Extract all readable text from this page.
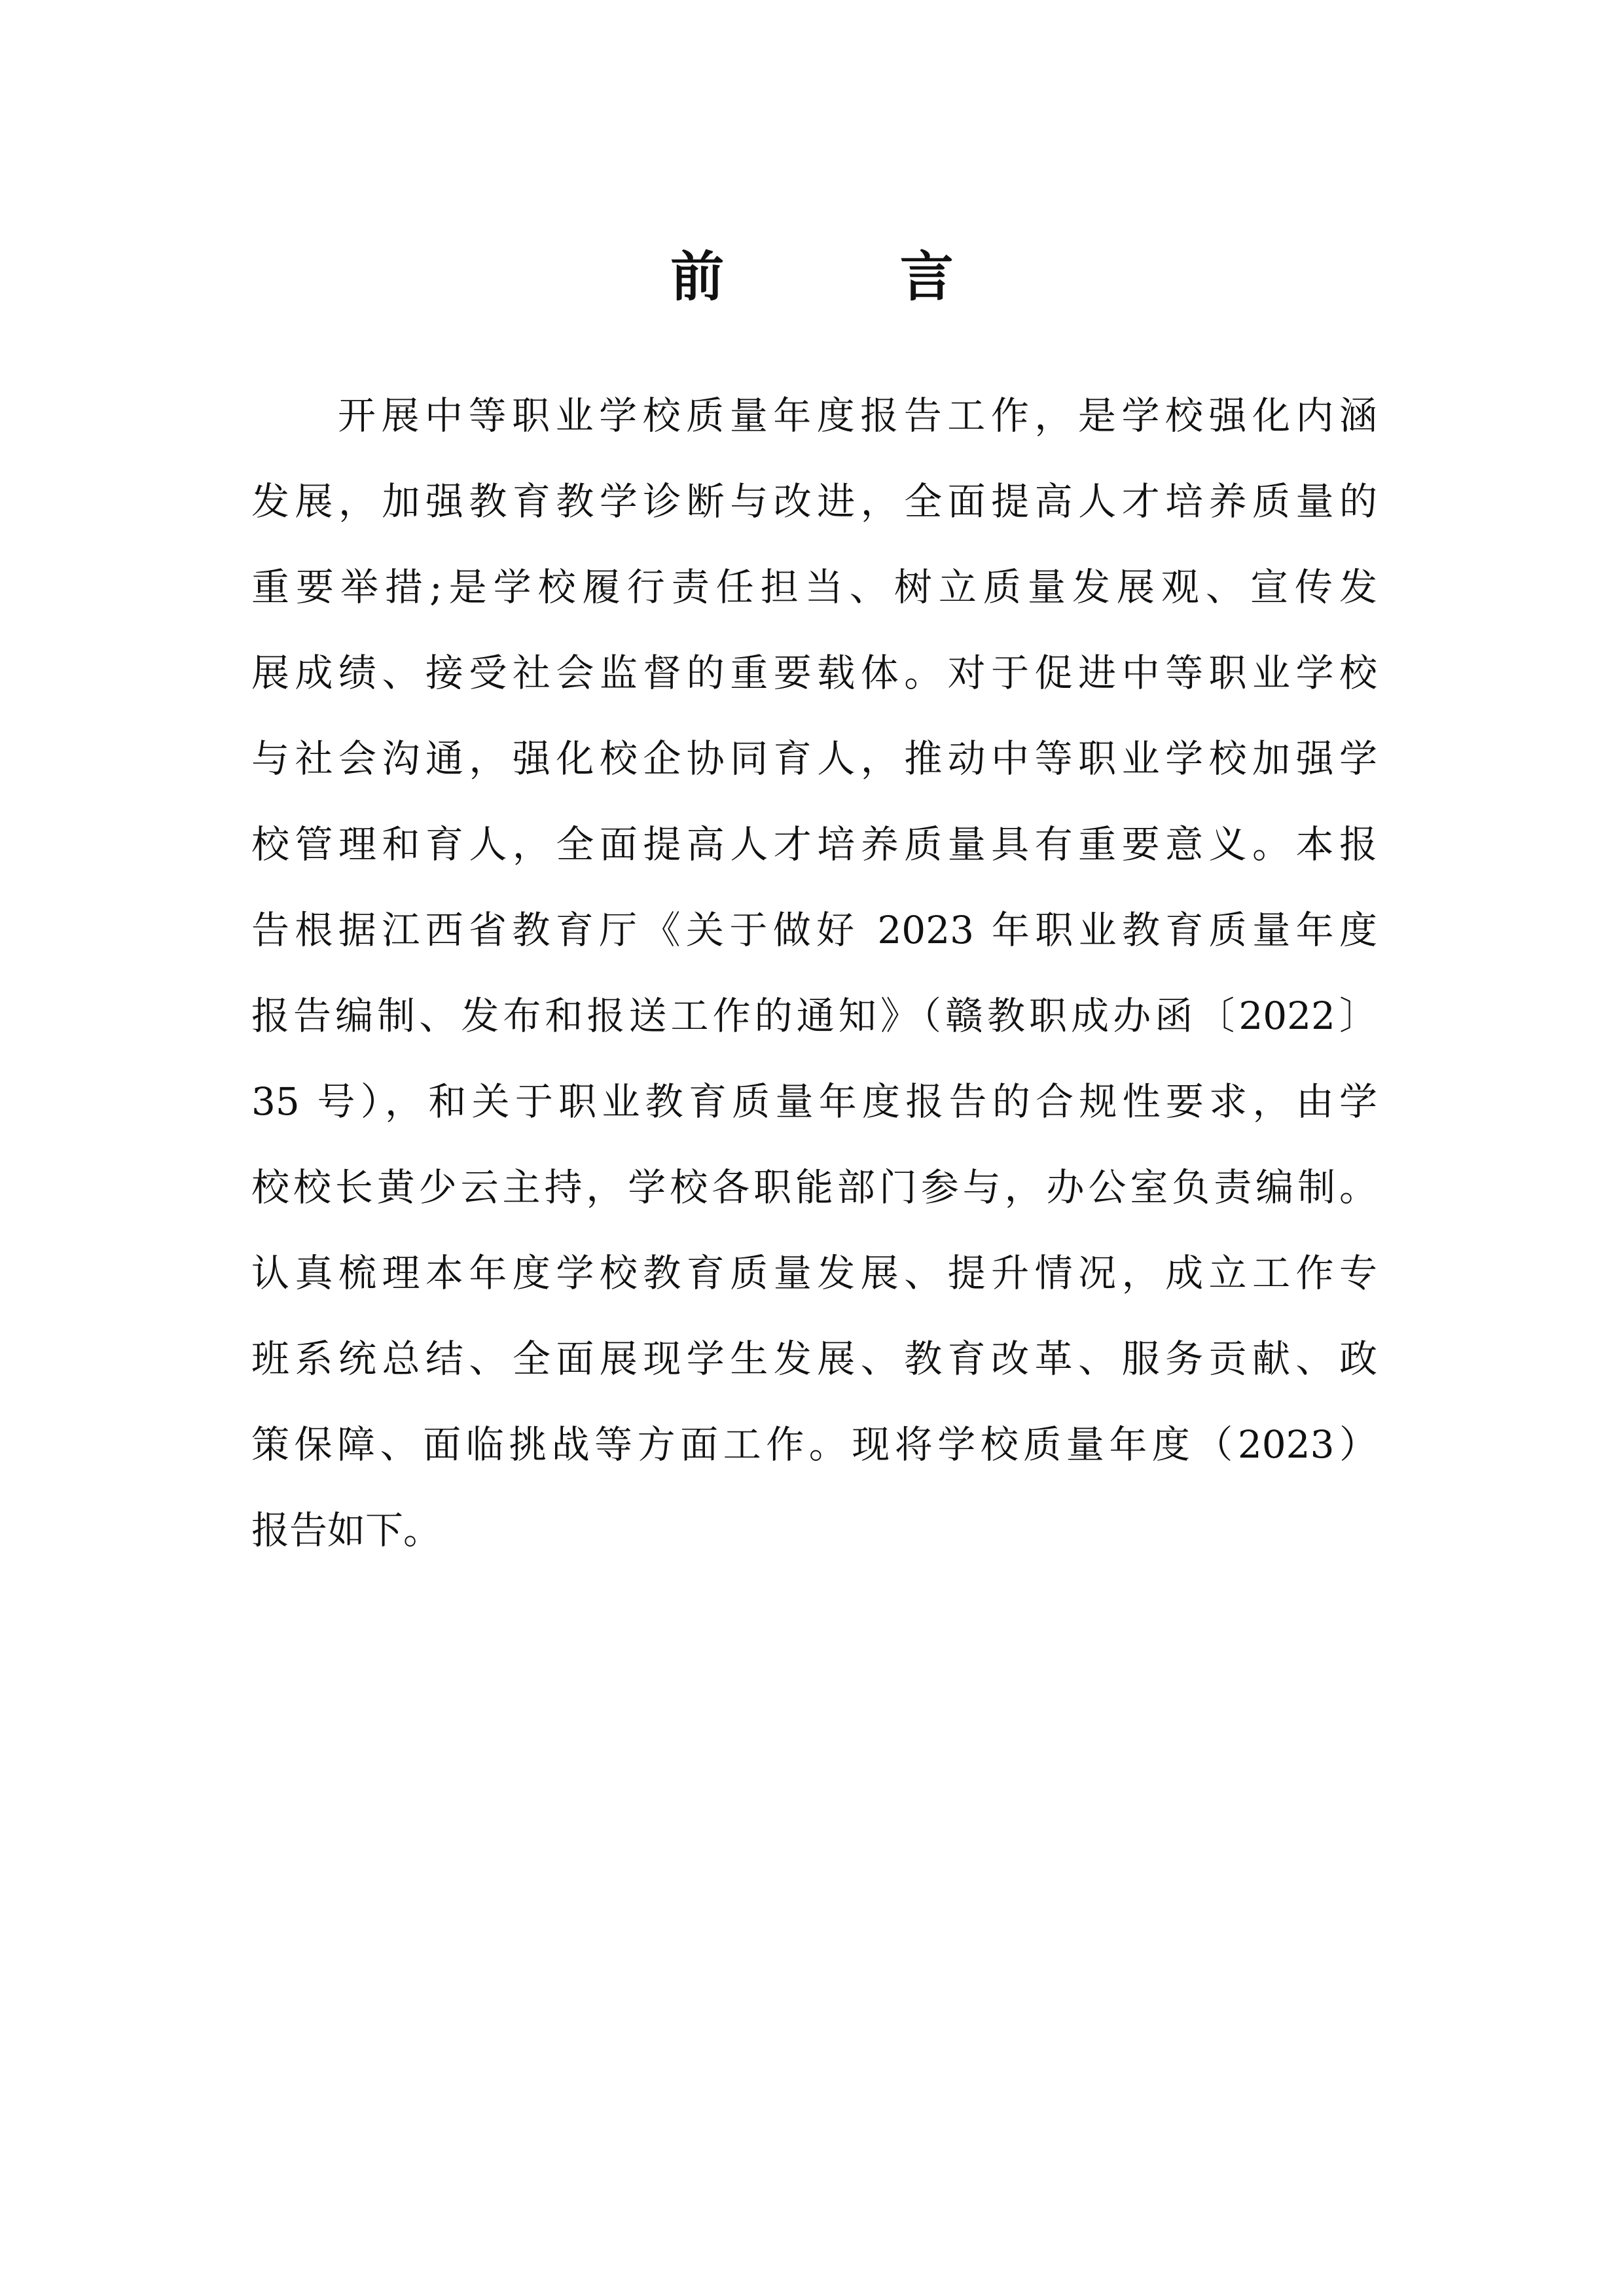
前 言
开展中等职业学校质量年度报告工作，是学校强化内涵
发展，加强教育教学诊断与改进，全面提高人才培养质量的
重要举措;是学校履行责任担当、树立质量发展观、宣传发
展成绩、接受社会监督的重要载体。对于促进中等职业学校
与社会沟通，强化校企协同育人，推动中等职业学校加强学
校管理和育人，全面提高人才培养质量具有重要意义。本报
告根据江西省教育厅《关于做好 2023 年职业教育质量年度
报告编制、发布和报送工作的通知》（赣教职成办函〔2022〕
35 号），和关于职业教育质量年度报告的合规性要求，由学
校校长黄少云主持，学校各职能部门参与，办公室负责编制。
认真梳理本年度学校教育质量发展、提升情况，成立工作专
班系统总结、全面展现学生发展、教育改革、服务贡献、政
策保障、面临挑战等方面工作。现将学校质量年度（2023）
报告如下。
